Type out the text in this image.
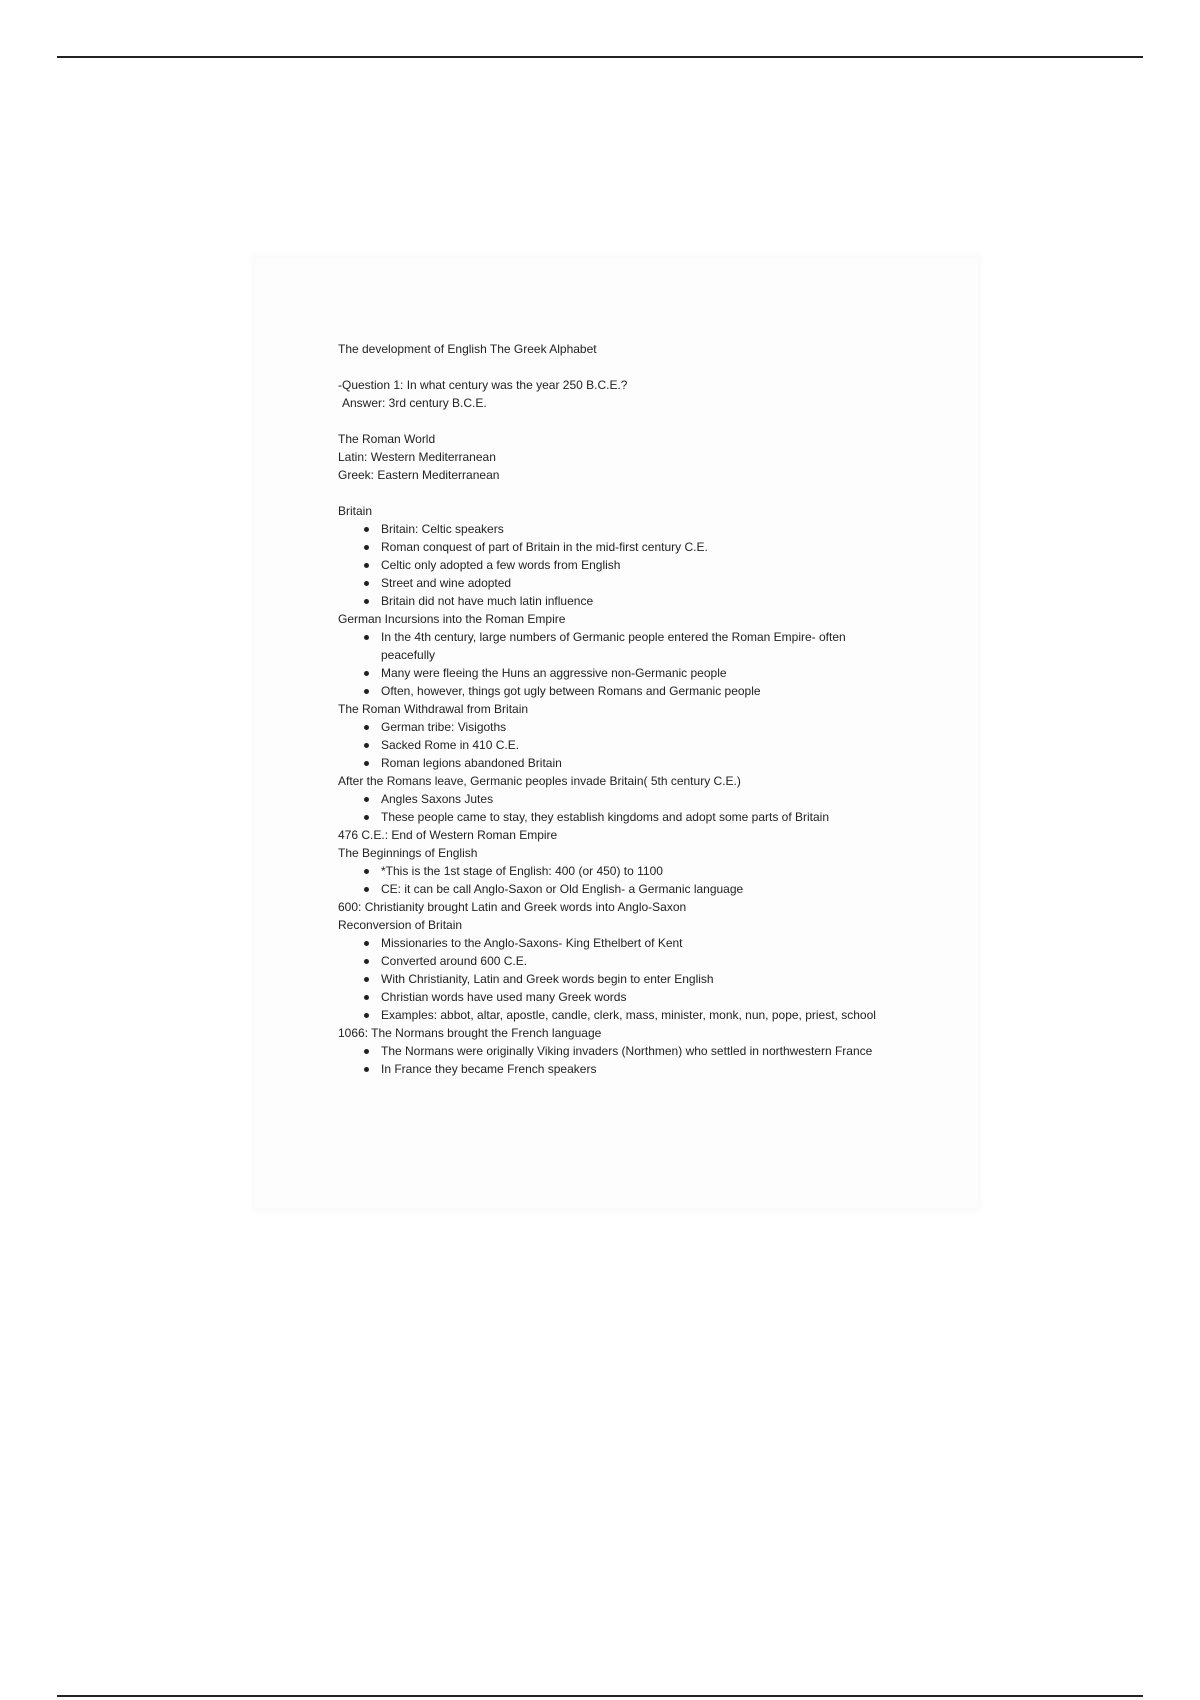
The development of English The Greek Alphabet

-Question 1: In what century was the year 250 B.C.E.?

Answer: 3rd century B.C.E.

The Roman World

Latin: Western Mediterranean

Greek: Eastern Mediterranean

Britain

Britain: Celtic speakers
Roman conquest of part of Britain in the mid-first century C.E.
Celtic only adopted a few words from English
Street and wine adopted
Britain did not have much latin influence

German Incursions into the Roman Empire

In the 4th century, large numbers of Germanic people entered the Roman Empire- often peacefully
Many were fleeing the Huns an aggressive non-Germanic people
Often, however, things got ugly between Romans and Germanic people

The Roman Withdrawal from Britain

German tribe: Visigoths
Sacked Rome in 410 C.E.
Roman legions abandoned Britain

After the Romans leave, Germanic peoples invade Britain( 5th century C.E.)

Angles Saxons Jutes
These people came to stay, they establish kingdoms and adopt some parts of Britain

476 C.E.: End of Western Roman Empire

The Beginnings of English

*This is the 1st stage of English: 400 (or 450) to 1100
CE: it can be call Anglo-Saxon or Old English- a Germanic language

600: Christianity brought Latin and Greek words into Anglo-Saxon

Reconversion of Britain

Missionaries to the Anglo-Saxons- King Ethelbert of Kent
Converted around 600 C.E.
With Christianity, Latin and Greek words begin to enter English
Christian words have used many Greek words
Examples: abbot, altar, apostle, candle, clerk, mass, minister, monk, nun, pope, priest, school

1066: The Normans brought the French language

The Normans were originally Viking invaders (Northmen) who settled in northwestern France
In France they became French speakers
